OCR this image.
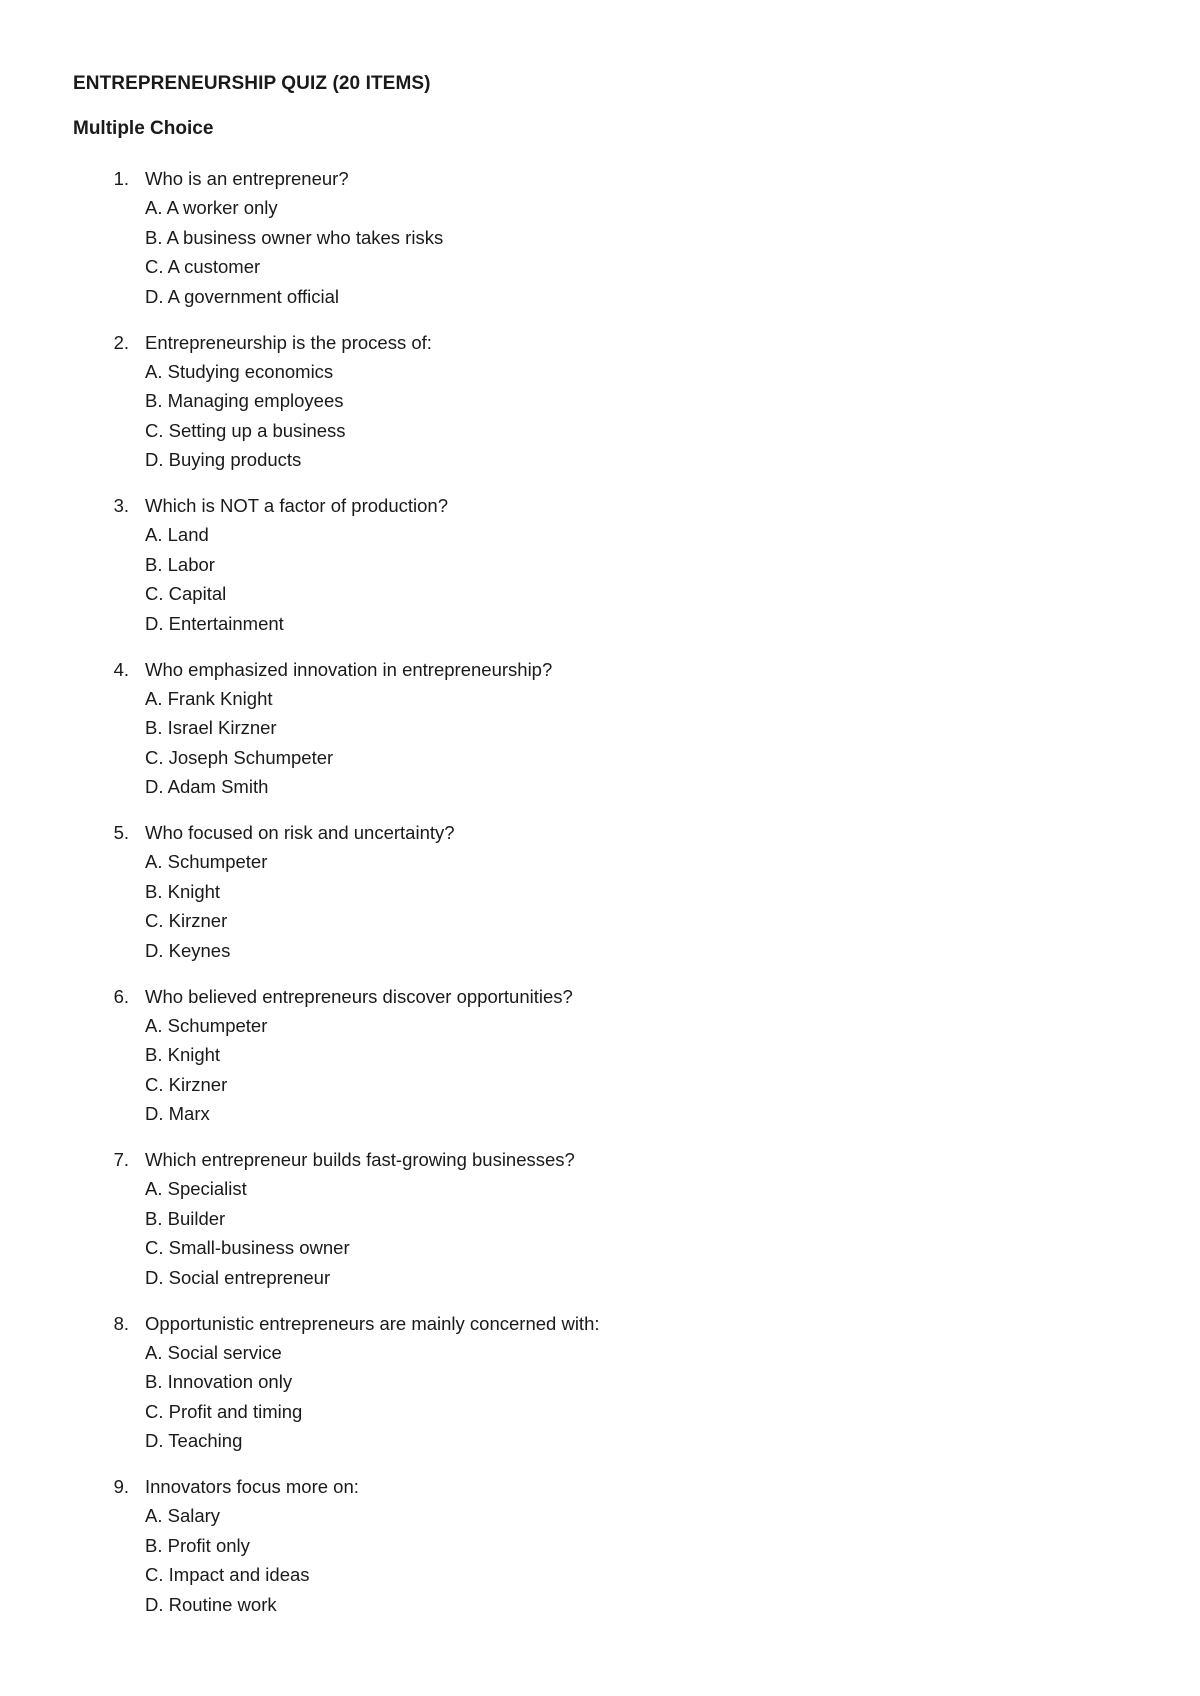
ENTREPRENEURSHIP QUIZ (20 ITEMS)
Multiple Choice
1. Who is an entrepreneur?
A. A worker only
B. A business owner who takes risks
C. A customer
D. A government official
2. Entrepreneurship is the process of:
A. Studying economics
B. Managing employees
C. Setting up a business
D. Buying products
3. Which is NOT a factor of production?
A. Land
B. Labor
C. Capital
D. Entertainment
4. Who emphasized innovation in entrepreneurship?
A. Frank Knight
B. Israel Kirzner
C. Joseph Schumpeter
D. Adam Smith
5. Who focused on risk and uncertainty?
A. Schumpeter
B. Knight
C. Kirzner
D. Keynes
6. Who believed entrepreneurs discover opportunities?
A. Schumpeter
B. Knight
C. Kirzner
D. Marx
7. Which entrepreneur builds fast-growing businesses?
A. Specialist
B. Builder
C. Small-business owner
D. Social entrepreneur
8. Opportunistic entrepreneurs are mainly concerned with:
A. Social service
B. Innovation only
C. Profit and timing
D. Teaching
9. Innovators focus more on:
A. Salary
B. Profit only
C. Impact and ideas
D. Routine work
